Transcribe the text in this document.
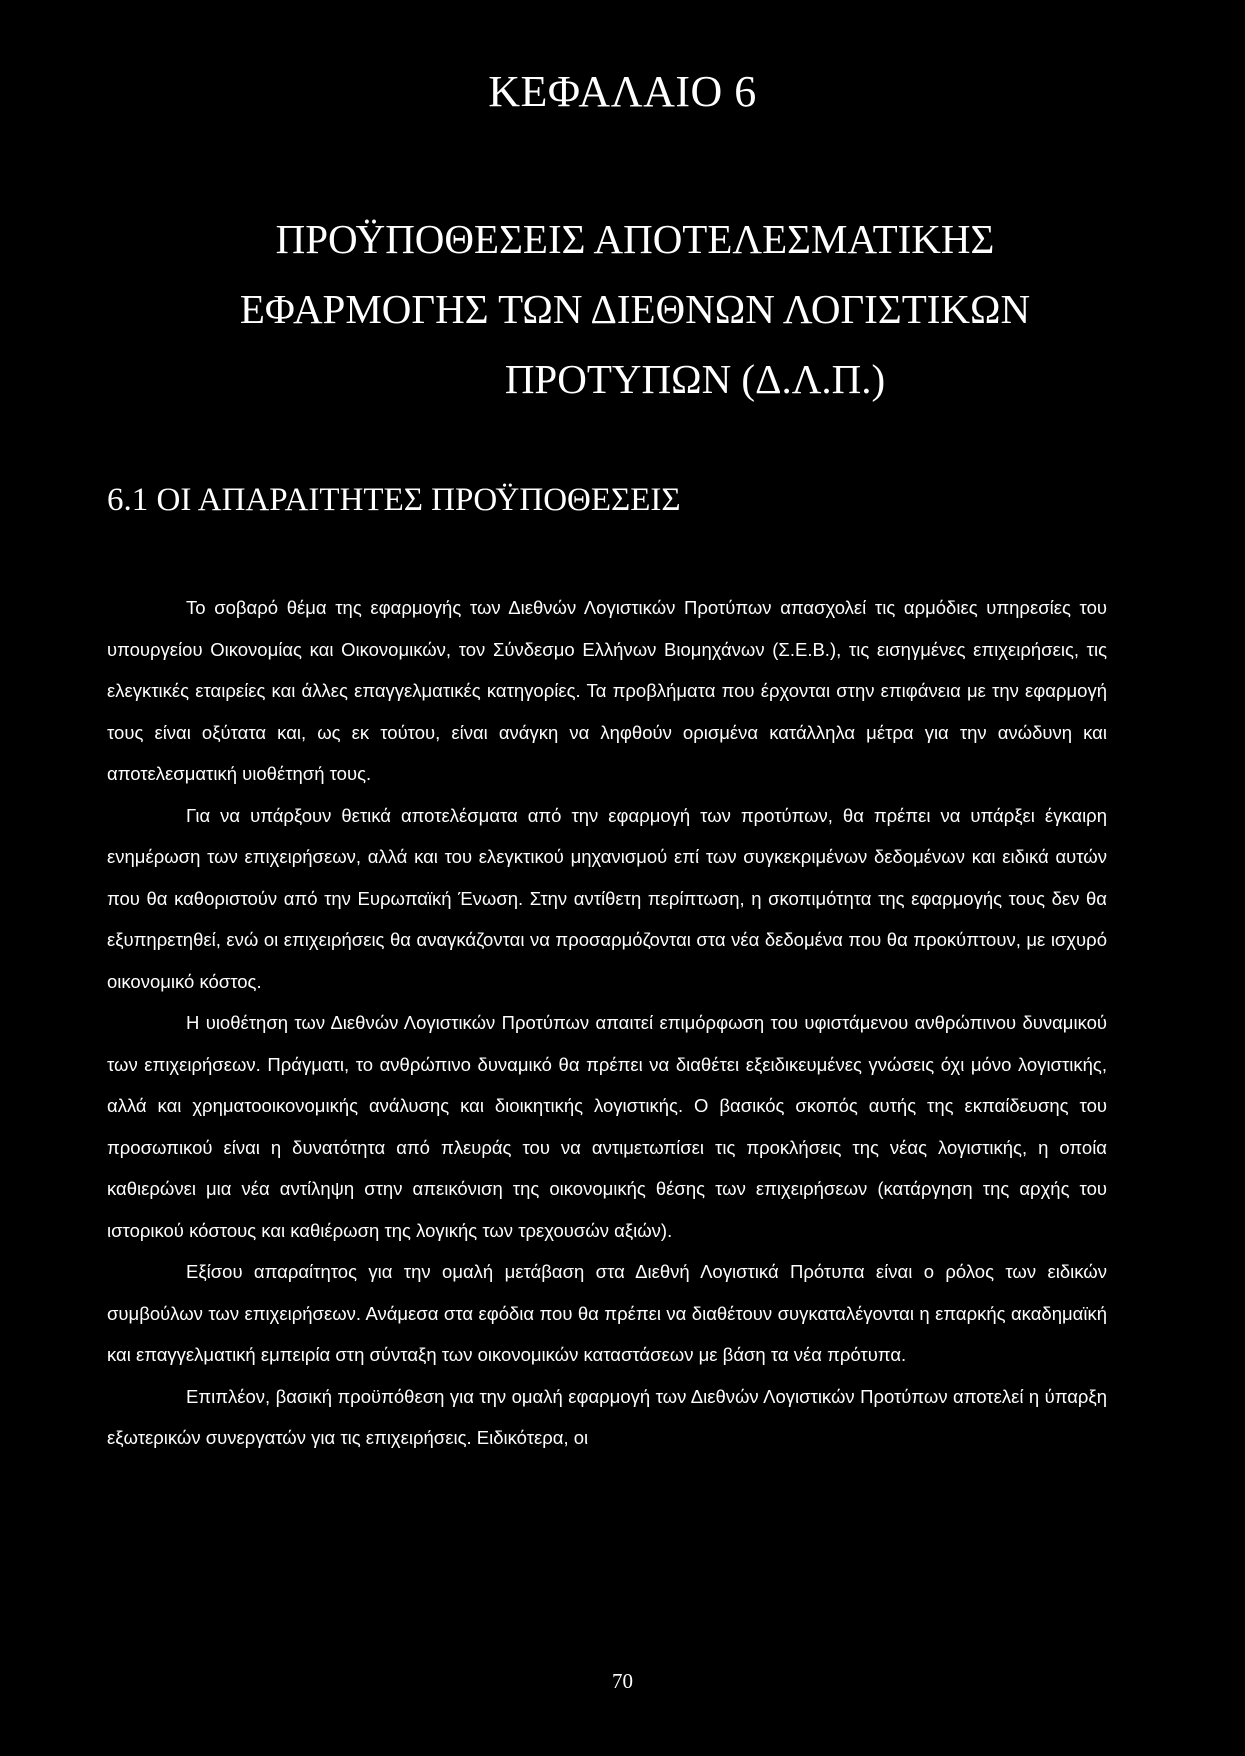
ΚΕΦΑΛΑΙΟ 6
ΠΡΟΫΠΟΘΕΣΕΙΣ ΑΠΟΤΕΛΕΣΜΑΤΙΚΗΣ
ΕΦΑΡΜΟΓΗΣ ΤΩΝ ΔΙΕΘΝΩΝ ΛΟΓΙΣΤΙΚΩΝ
ΠΡΟΤΥΠΩΝ (Δ.Λ.Π.)
6.1 ΟΙ ΑΠΑΡΑΙΤΗΤΕΣ ΠΡΟΫΠΟΘΕΣΕΙΣ

Το σοβαρό θέμα της εφαρμογής των Διεθνών Λογιστικών Προτύπων απασχολεί τις αρμόδιες υπηρεσίες του υπουργείου Οικονομίας και Οικονομικών, τον Σύνδεσμο Ελλήνων Βιομηχάνων (Σ.Ε.Β.), τις εισηγμένες επιχειρήσεις, τις ελεγκτικές εταιρείες και άλλες επαγγελματικές κατηγορίες. Τα προβλήματα που έρχονται στην επιφάνεια με την εφαρμογή τους είναι οξύτατα και, ως εκ τούτου, είναι ανάγκη να ληφθούν ορισμένα κατάλληλα μέτρα για την ανώδυνη και αποτελεσματική υιοθέτησή τους.

Για να υπάρξουν θετικά αποτελέσματα από την εφαρμογή των προτύπων, θα πρέπει να υπάρξει έγκαιρη ενημέρωση των επιχειρήσεων, αλλά και του ελεγκτικού μηχανισμού επί των συγκεκριμένων δεδομένων και ειδικά αυτών που θα καθοριστούν από την Ευρωπαϊκή Ένωση. Στην αντίθετη περίπτωση, η σκοπιμότητα της εφαρμογής τους δεν θα εξυπηρετηθεί, ενώ οι επιχειρήσεις θα αναγκάζονται να προσαρμόζονται στα νέα δεδομένα που θα προκύπτουν, με ισχυρό οικονομικό κόστος.

Η υιοθέτηση των Διεθνών Λογιστικών Προτύπων απαιτεί επιμόρφωση του υφιστάμενου ανθρώπινου δυναμικού των επιχειρήσεων. Πράγματι, το ανθρώπινο δυναμικό θα πρέπει να διαθέτει εξειδικευμένες γνώσεις όχι μόνο λογιστικής, αλλά και χρηματοοικονομικής ανάλυσης και διοικητικής λογιστικής. Ο βασικός σκοπός αυτής της εκπαίδευσης του προσωπικού είναι η δυνατότητα από πλευράς του να αντιμετωπίσει τις προκλήσεις της νέας λογιστικής, η οποία καθιερώνει μια νέα αντίληψη στην απεικόνιση της οικονομικής θέσης των επιχειρήσεων (κατάργηση της αρχής του ιστορικού κόστους και καθιέρωση της λογικής των τρεχουσών αξιών).

Εξίσου απαραίτητος για την ομαλή μετάβαση στα Διεθνή Λογιστικά Πρότυπα είναι ο ρόλος των ειδικών συμβούλων των επιχειρήσεων. Ανάμεσα στα εφόδια που θα πρέπει να διαθέτουν συγκαταλέγονται η επαρκής ακαδημαϊκή και επαγγελματική εμπειρία στη σύνταξη των οικονομικών καταστάσεων με βάση τα νέα πρότυπα.

Επιπλέον, βασική προϋπόθεση για την ομαλή εφαρμογή των Διεθνών Λογιστικών Προτύπων αποτελεί η ύπαρξη εξωτερικών συνεργατών για τις επιχειρήσεις. Ειδικότερα, οι

70
